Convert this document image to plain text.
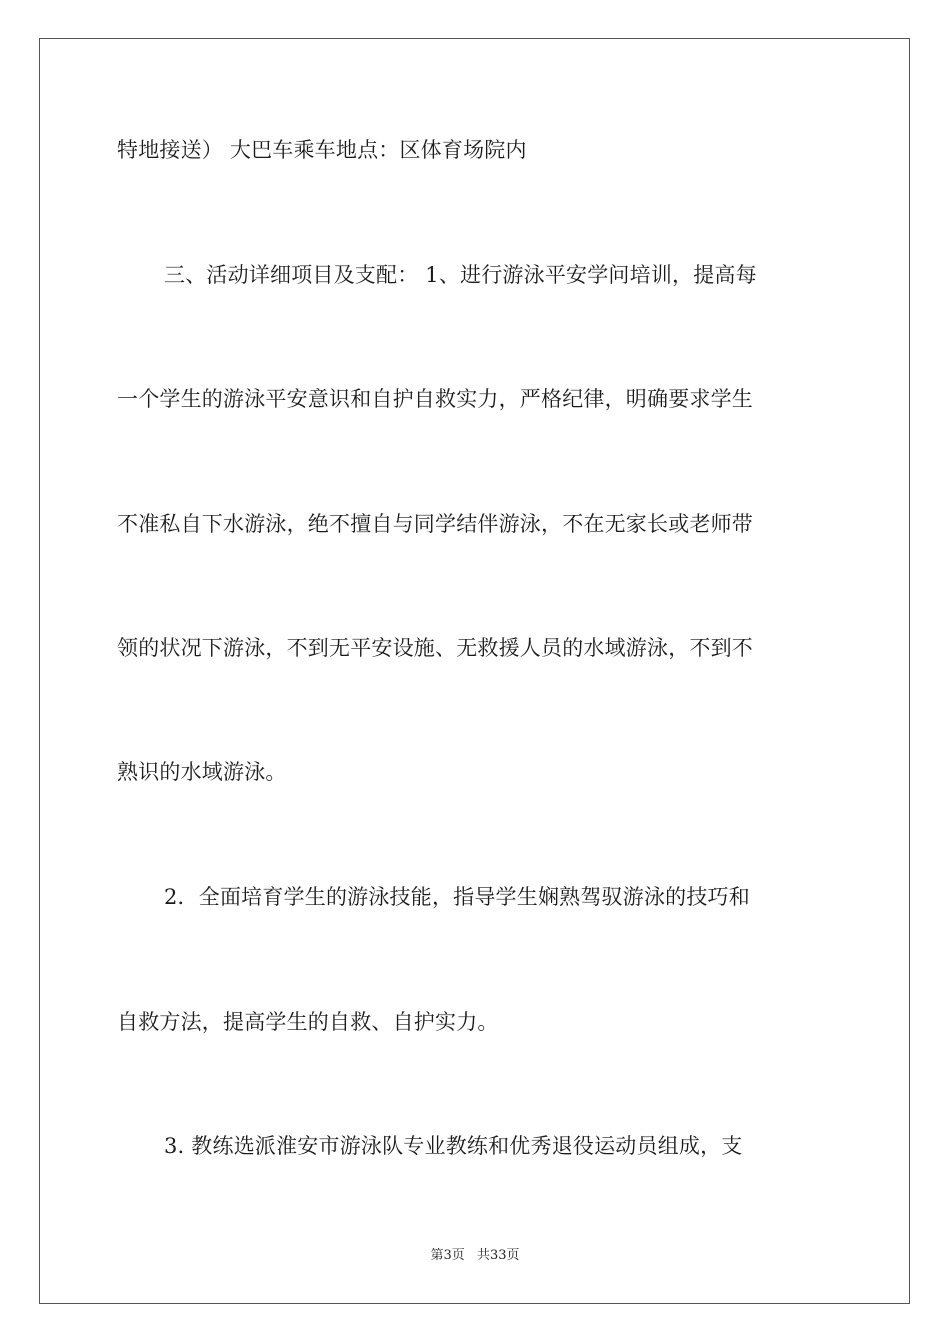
特地接送） 大巴车乘车地点：区体育场院内
三、活动详细项目及支配： 1、进行游泳平安学问培训，提高每
一个学生的游泳平安意识和自护自救实力，严格纪律，明确要求学生
不准私自下水游泳，绝不擅自与同学结伴游泳，不在无家长或老师带
领的状况下游泳，不到无平安设施、无救援人员的水域游泳，不到不
熟识的水域游泳。
2．全面培育学生的游泳技能，指导学生娴熟驾驭游泳的技巧和
自救方法，提高学生的自救、自护实力。
3. 教练选派淮安市游泳队专业教练和优秀退役运动员组成，支
第3页 共33页
